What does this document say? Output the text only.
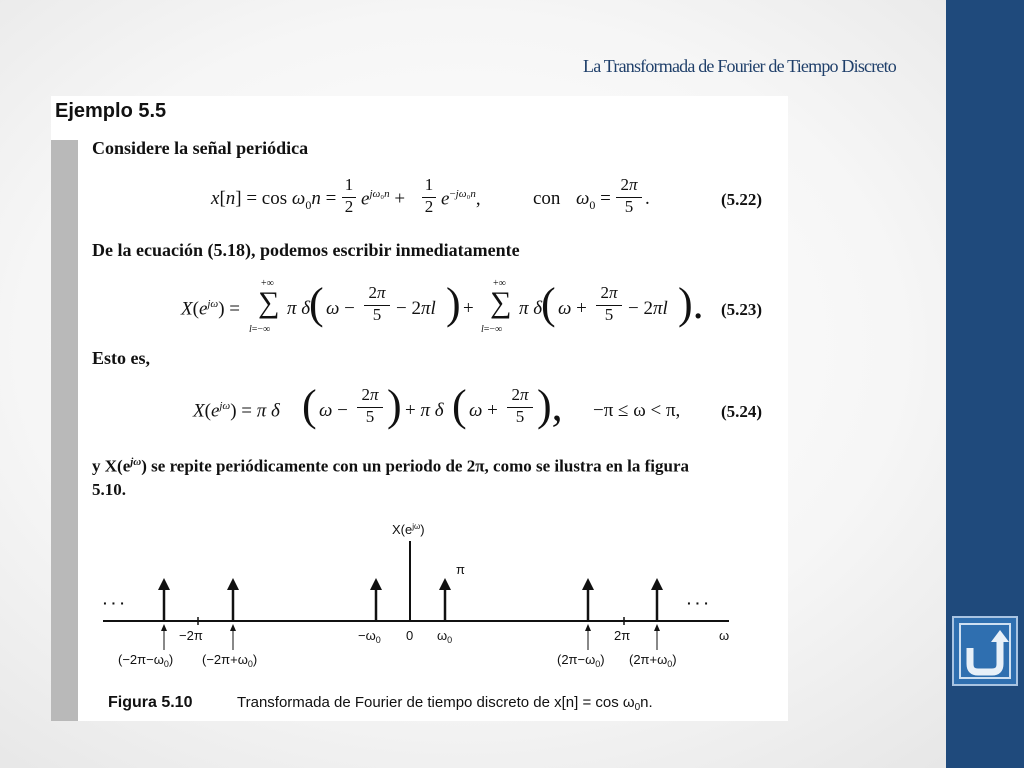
La Transformada de Fourier de Tiempo Discreto
Ejemplo 5.5
Considere la señal periódica
$x[n] = \cos \omega_0n$ =
1

2 $e^{j\omega_0n}$ +
1

2 $e^{-j\omega_0n}$,	con $\omega_0$ =
2π

5 .	(5.22)
De la ecuación (5.18), podemos escribir inmediatamente
$X(e^{j\omega})$ =
+∞
∑
l=−∞
π δ
( ω −
2π

5 − 2πl ) +
+∞
∑
l=−∞
π δ
( ω +
2π

5 − 2πl ). (5.23)
Esto es,
$X(e^{j\omega}) = \pi$ δ ( ω −
2π

5 ) + π δ ( ω +
2π

5 ), −π ≤ ω < π, (5.24)
y $X(e^{j\omega})$ se repite periódicamente con un periodo de 2π, como se ilustra en la figura
5.10.
$X(e^{j\omega})$
π
· · ·	· · ·
−2π	$-\omega_0$ 0 $\omega_0$	2π	ω
$(-2\pi-\omega_0)$ $(-2\pi+\omega_0)$	$(2\pi-\omega_0)$ $(2\pi+\omega_0)$
Figura 5.10	Transformada de Fourier de tiempo discreto de $x[n] = \cos \omega_0n$.
